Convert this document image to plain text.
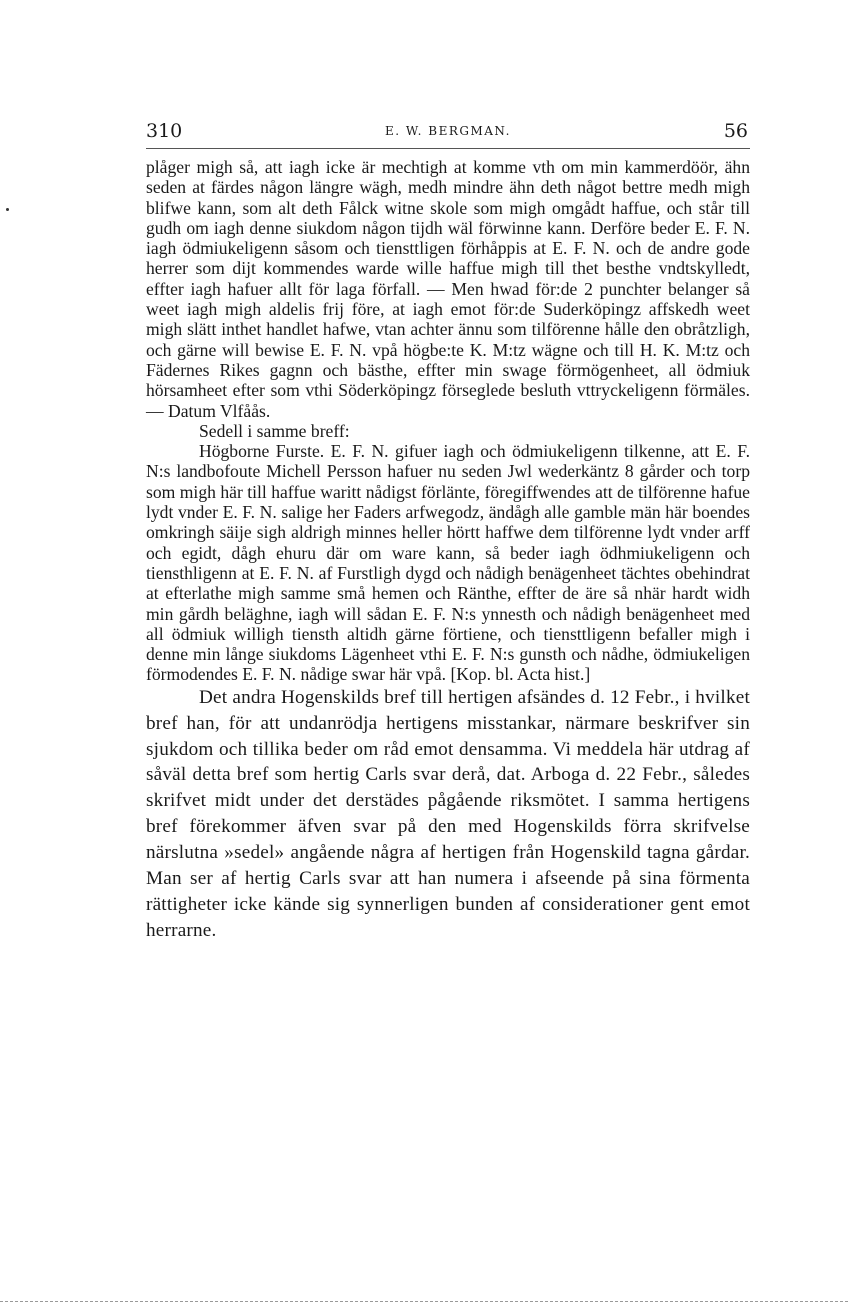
310	E. W. BERGMAN.	56

plåger migh så, att iagh icke är mechtigh at komme vth om min kammerdöör, ähn seden at färdes någon längre wägh, medh mindre ähn deth något bettre medh migh blifwe kann, som alt deth Fålck witne skole som migh omgådt haffue, och står till gudh om iagh denne siukdom någon tijdh wäl förwinne kann. Derföre beder E. F. N. iagh ödmiukeligenn såsom och tiensttligen förhåppis at E. F. N. och de andre gode herrer som dijt kommendes warde wille haffue migh till thet besthe vndtskylledt, effter iagh hafuer allt för laga förfall. — Men hwad för:de 2 punchter belanger så weet iagh migh aldelis frij före, at iagh emot för:de Suderköpingz affskedh weet migh slätt inthet handlet hafwe, vtan achter ännu som tilförenne hålle den obråtzligh, och gärne will bewise E. F. N. vpå högbe:te K. M:tz wägne och till H. K. M:tz och Fädernes Rikes gagnn och bästhe, effter min swage förmögenheet, all ödmiuk hörsamheet efter som vthi Söderköpingz förseglede besluth vttryckeligenn förmäles. — Datum Vlfåås.

Sedell i samme breff:

Högborne Furste. E. F. N. gifuer iagh och ödmiukeligenn tilkenne, att E. F. N:s landbofoute Michell Persson hafuer nu seden Jwl wederkäntz 8 gårder och torp som migh här till haffue waritt nådigst förlänte, föregiffwendes att de tilförenne hafue lydt vnder E. F. N. salige her Faders arfwegodz, ändågh alle gamble män här boendes omkringh säije sigh aldrigh minnes heller hörtt haffwe dem tilförenne lydt vnder arff och egidt, dågh ehuru där om ware kann, så beder iagh ödhmiukeligenn och tiensthligenn at E. F. N. af Furstligh dygd och nådigh benägenheet tächtes obehindrat at efterlathe migh samme små hemen och Ränthe, effter de äre så nhär hardt widh min gårdh beläghne, iagh will sådan E. F. N:s ynnesth och nådigh benägenheet med all ödmiuk willigh tiensth altidh gärne förtiene, och tiensttligenn befaller migh i denne min långe siukdoms Lägenheet vthi E. F. N:s gunsth och nådhe, ödmiukeligen förmodendes E. F. N. nådige swar här vpå. [Kop. bl. Acta hist.]

Det andra Hogenskilds bref till hertigen afsändes d. 12 Febr., i hvilket bref han, för att undanrödja hertigens misstankar, närmare beskrifver sin sjukdom och tillika beder om råd emot densamma. Vi meddela här utdrag af såväl detta bref som hertig Carls svar derå, dat. Arboga d. 22 Febr., således skrifvet midt under det derstädes pågående riksmötet. I samma hertigens bref förekommer äfven svar på den med Hogenskilds förra skrifvelse närslutna »sedel» angående några af hertigen från Hogenskild tagna gårdar. Man ser af hertig Carls svar att han numera i afseende på sina förmenta rättigheter icke kände sig synnerligen bunden af considerationer gent emot herrarne.
